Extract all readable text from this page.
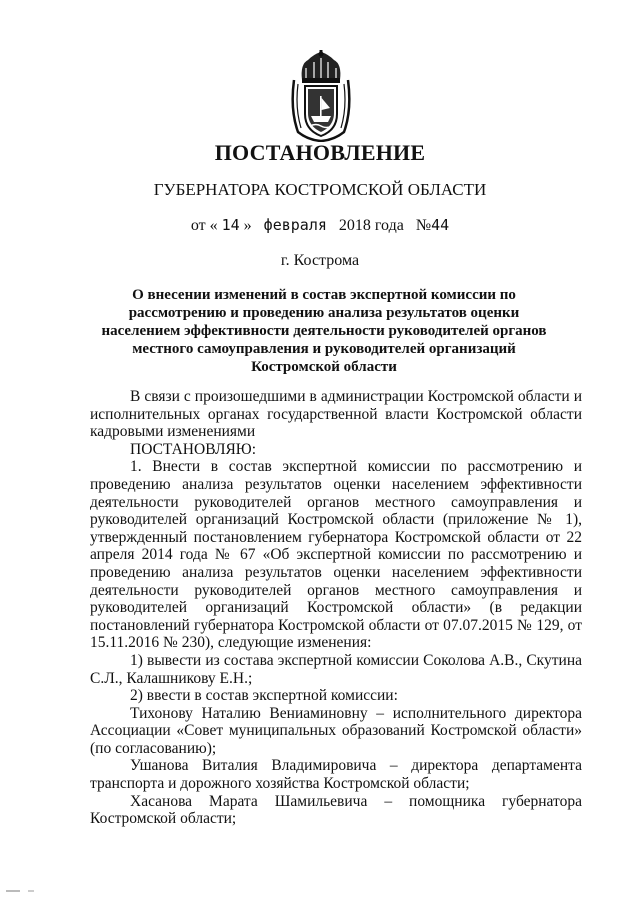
ПОСТАНОВЛЕНИЕ
ГУБЕРНАТОРА КОСТРОМСКОЙ ОБЛАСТИ
от « 14 » февраля 2018 года №44
г. Кострома
О внесении изменений в состав экспертной комиссии по рассмотрению и проведению анализа результатов оценки населением эффективности деятельности руководителей органов местного самоуправления и руководителей организаций Костромской области

В связи с произошедшими в администрации Костромской области и исполнительных органах государственной власти Костромской области кадровыми изменениями

ПОСТАНОВЛЯЮ:

1. Внести в состав экспертной комиссии по рассмотрению и проведению анализа результатов оценки населением эффективности деятельности руководителей органов местного самоуправления и руководителей организаций Костромской области (приложение № 1), утвержденный постановлением губернатора Костромской области от 22 апреля 2014 года № 67 «Об экспертной комиссии по рассмотрению и проведению анализа результатов оценки населением эффективности деятельности руководителей органов местного самоуправления и руководителей организаций Костромской области» (в редакции постановлений губернатора Костромской области от 07.07.2015 № 129, от 15.11.2016 № 230), следующие изменения:

1) вывести из состава экспертной комиссии Соколова А.В., Скутина С.Л., Калашникову Е.Н.;

2) ввести в состав экспертной комиссии:

Тихонову Наталию Вениаминовну – исполнительного директора Ассоциации «Совет муниципальных образований Костромской области» (по согласованию);

Ушанова Виталия Владимировича – директора департамента транспорта и дорожного хозяйства Костромской области;

Хасанова Марата Шамильевича – помощника губернатора Костромской области;
